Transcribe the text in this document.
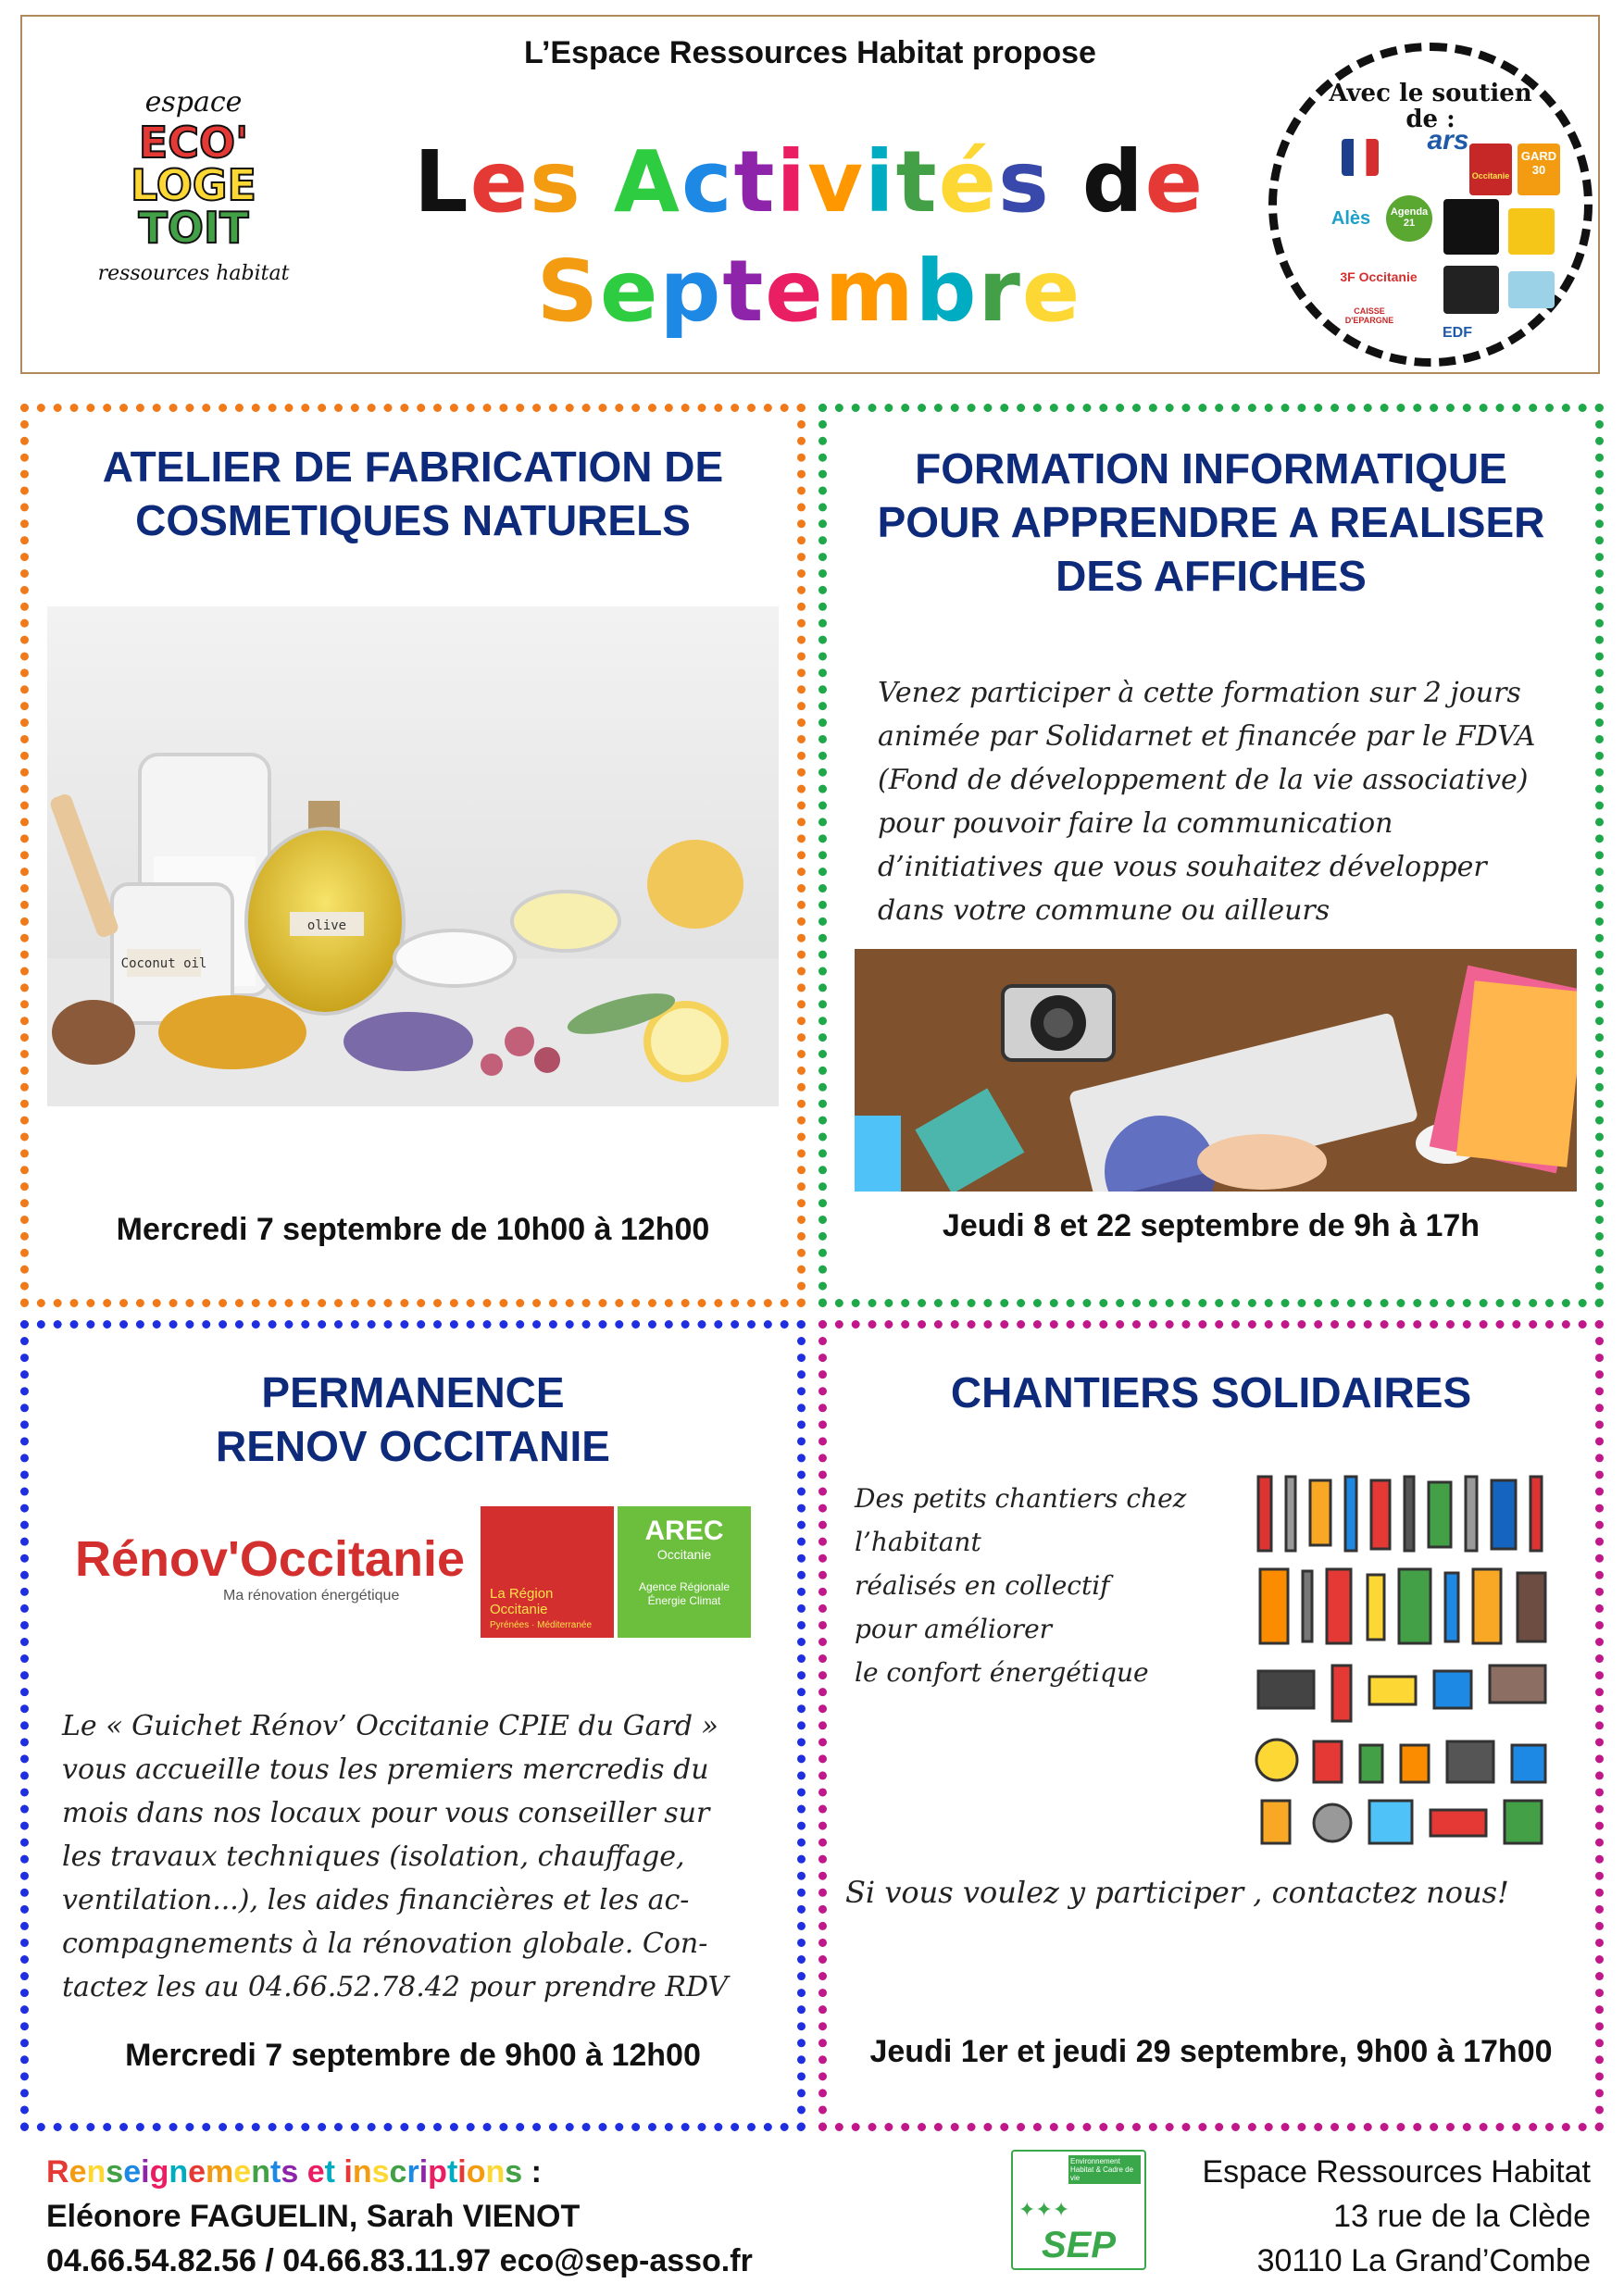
L’Espace Ressources Habitat propose
Les Activités de
Septembre
espace
ECO'
LOGE
TOIT
ressources habitat
Avec le soutien
de :
ars
GARD 30
Alès	Agenda 21
3F Occitanie
CAISSE D'EPARGNE
EDF
Occitanie
ATELIER DE FABRICATION DE
COSMETIQUES NATURELS
Coconut oil
olive
Mercredi 7 septembre de 10h00 à 12h00
FORMATION INFORMATIQUE
POUR APPRENDRE A REALISER
DES AFFICHES
Venez participer à cette formation sur 2 jours
animée par Solidarnet et financée par le FDVA
(Fond de développement de la vie associative)
pour pouvoir faire la communication
d’initiatives que vous souhaitez développer
dans votre commune ou ailleurs
Jeudi 8 et 22 septembre de 9h à 17h
PERMANENCE
RENOV OCCITANIE
Rénov'Occitanie
Ma rénovation énergétique	La Région Occitanie
Pyrénées · Méditerranée
AREC
Occitanie
Agence Régionale Énergie Climat
Le « Guichet Rénov’ Occitanie CPIE du Gard »
vous accueille tous les premiers mercredis du
mois dans nos locaux pour vous conseiller sur
les travaux techniques (isolation, chauffage,
ventilation...), les aides financières et les ac-
compagnements à la rénovation globale. Con-
tactez les au 04.66.52.78.42 pour prendre RDV
Mercredi 7 septembre de 9h00 à 12h00
CHANTIERS SOLIDAIRES
Des petits chantiers chez
l’habitant
réalisés en collectif
pour améliorer
le confort énergétique
Si vous voulez y participer , contactez nous!
Jeudi 1er et jeudi 29 septembre, 9h00 à 17h00
Renseignements et inscriptions :
Eléonore FAGUELIN, Sarah VIENOT
04.66.54.82.56 / 04.66.83.11.97 eco@sep-asso.fr
Environnement Habitat & Cadre de vie
✦✦✦
SEP
Espace Ressources Habitat
13 rue de la Clède
30110 La Grand’Combe
